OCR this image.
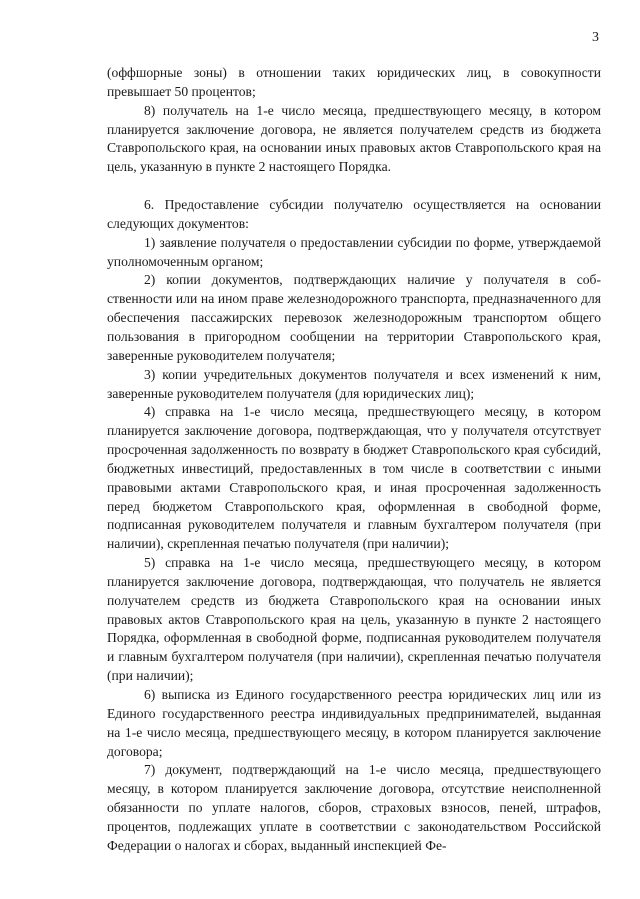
3

(оффшорные зоны) в отношении таких юридических лиц, в совокупности превышает 50 процентов;

8) получатель на 1-е число месяца, предшествующего месяцу, в котором планируется заключение договора, не является получателем средств из бюджета Ставропольского края, на основании иных правовых актов Ставропольского края на цель, указанную в пункте 2 настоящего Порядка.

6. Предоставление субсидии получателю осуществляется на основании следующих документов:

1) заявление получателя о предоставлении субсидии по форме, утверждаемой уполномоченным органом;

2) копии документов, подтверждающих наличие у получателя в собственности или на ином праве железнодорожного транспорта, предназначенного для обеспечения пассажирских перевозок железнодорожным транспортом общего пользования в пригородном сообщении на территории Ставропольского края, заверенные руководителем получателя;

3) копии учредительных документов получателя и всех изменений к ним, заверенные руководителем получателя (для юридических лиц);

4) справка на 1-е число месяца, предшествующего месяцу, в котором планируется заключение договора, подтверждающая, что у получателя отсутствует просроченная задолженность по возврату в бюджет Ставропольского края субсидий, бюджетных инвестиций, предоставленных в том числе в соответствии с иными правовыми актами Ставропольского края, и иная просроченная задолженность перед бюджетом Ставропольского края, оформленная в свободной форме, подписанная руководителем получателя и главным бухгалтером получателя (при наличии), скрепленная печатью получателя (при наличии);

5) справка на 1-е число месяца, предшествующего месяцу, в котором планируется заключение договора, подтверждающая, что получатель не является получателем средств из бюджета Ставропольского края на основании иных правовых актов Ставропольского края на цель, указанную в пункте 2 настоящего Порядка, оформленная в свободной форме, подписанная руководителем получателя и главным бухгалтером получателя (при наличии), скрепленная печатью получателя (при наличии);

6) выписка из Единого государственного реестра юридических лиц или из Единого государственного реестра индивидуальных предпринимателей, выданная на 1-е число месяца, предшествующего месяцу, в котором планируется заключение договора;

7) документ, подтверждающий на 1-е число месяца, предшествующего месяцу, в котором планируется заключение договора, отсутствие неисполненной обязанности по уплате налогов, сборов, страховых взносов, пеней, штрафов, процентов, подлежащих уплате в соответствии с законодательством Российской Федерации о налогах и сборах, выданный инспекцией Фе-
